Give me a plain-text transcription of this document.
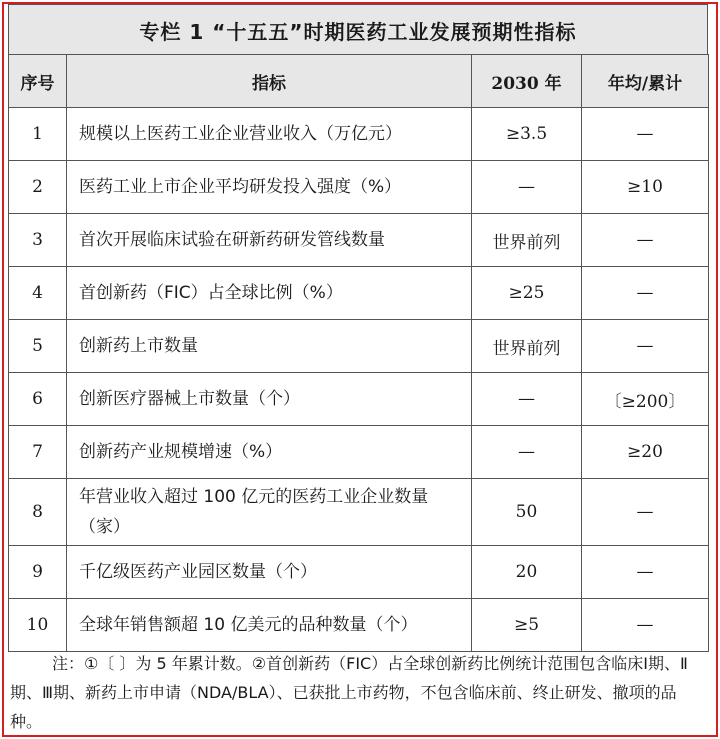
专栏 1 “十五五”时期医药工业发展预期性指标
序号	指标	2030 年	年均/累计
1	规模以上医药工业企业营业收入（万亿元）	≥3.5	—
2	医药工业上市企业平均研发投入强度（%）	—	≥10
3	首次开展临床试验在研新药研发管线数量	世界前列	—
4	首创新药（FIC）占全球比例（%）	≥25	—
5	创新药上市数量	世界前列	—
6	创新医疗器械上市数量（个）	—	〔≥200〕
7	创新药产业规模增速（%）	—	≥20
8	年营业收入超过 100 亿元的医药工业企业数量（家）	50	—
9	千亿级医药产业园区数量（个）	20	—
10	全球年销售额超 10 亿美元的品种数量（个）	≥5	—
注：①〔 〕为 5 年累计数。②首创新药（FIC）占全球创新药比例统计范围包含临床Ⅰ期、Ⅱ期、Ⅲ期、新药上市申请（NDA/BLA）、已获批上市药物，不包含临床前、终止研发、撤项的品种。
